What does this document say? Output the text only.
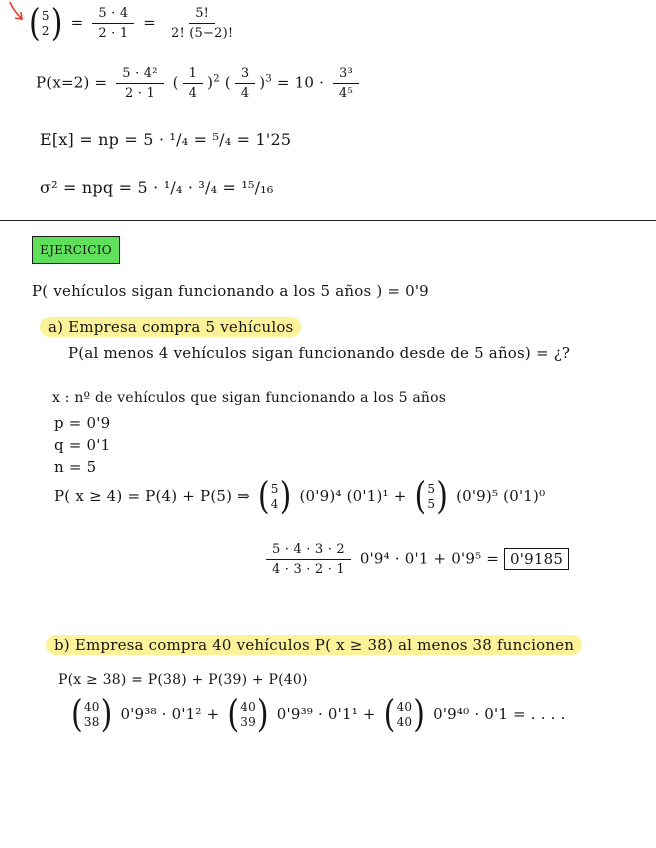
( 5
2 ) = $\frac{5 \cdot 4}{2 \cdot 1} = \frac{5!}{2! (5-2)!}$
$P(x=2) = \frac{\text{5 · 4²}}{2 \cdot 1}$ ( $\frac{1}{4} )^2$ ( $\frac{3}{4} )^3 = 10 \cdot \frac{\text{3³}}{\text{4⁵}}$
E[x] = np = 5 · ¹/₄ = ⁵/₄ = 1'25
σ² = npq = 5 · ¹/₄ · ³/₄ = ¹⁵/₁₆
EJERCICIO
P( vehículos sigan funcionando a los 5 años ) = 0'9
a) Empresa compra 5 vehículos
P(al menos 4 vehículos sigan funcionando desde de 5 años) = ¿?
x : nº de vehículos que sigan funcionando a los 5 años
p = 0'9
q = 0'1
n = 5
P( x ≥ 4) = P(4) + P(5) ⇒ ( 5
4 ) (0'9)⁴ (0'1)¹ + ( 5
5 ) (0'9)⁵ (0'1)⁰
$\frac{5 \cdot 4 \cdot 3 \cdot 2}{4 \cdot 3 \cdot 2 \cdot 1} 0'9^4 \cdot 0'1 + 0'9^5 = 0'9185$
b) Empresa compra 40 vehículos P( x ≥ 38) al menos 38 funcionen
P(x ≥ 38) = P(38) + P(39) + P(40)
( 40
38 ) 0'9³⁸ · 0'1² + ( 40
39 ) 0'9³⁹ · 0'1¹ + ( 40
40 ) 0'9⁴⁰ · 0'1 = . . . .
